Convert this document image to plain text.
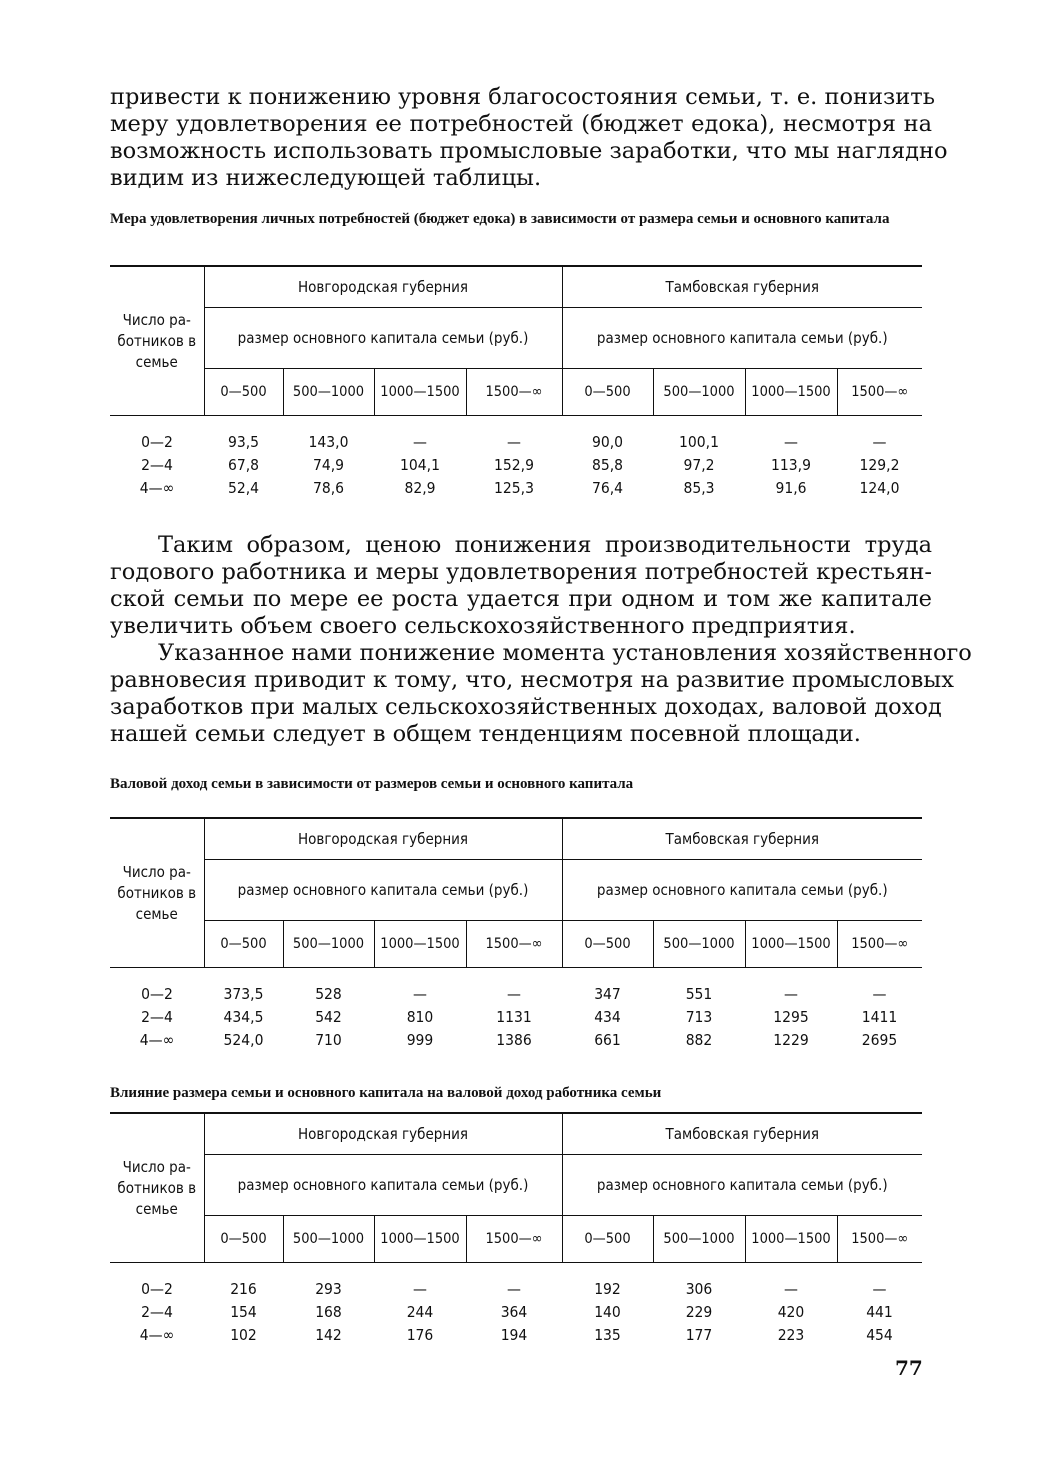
привести к понижению уровня благосостояния семьи, т. е. понизить
меру удовлетворения ее потребностей (бюджет едока), несмотря на
возможность использовать промысловые заработки, что мы наглядно
видим из нижеследующей таблицы.

Мера удовлетворения личных потребностей (бюджет едока) в зависимости от размера семьи и основного капитала

Число ра- ботников в семье	Новгородская губерния				Тамбовская губерния			
	размер основного капитала семьи (руб.)				размер основного капитала семьи (руб.)			
	0—500	500—1000	1000—1500	1500—∞	0—500	500—1000	1000—1500	1500—∞

0—2	93,5	143,0	—	—	90,0	100,1	—	—
2—4	67,8	74,9	104,1	152,9	85,8	97,2	113,9	129,2
4—∞	52,4	78,6	82,9	125,3	76,4	85,3	91,6	124,0

Таким образом, ценою понижения производительности труда
годового работника и меры удовлетворения потребностей крестьян-
ской семьи по мере ее роста удается при одном и том же капитале
увеличить объем своего сельскохозяйственного предприятия.

Указанное нами понижение момента установления хозяйственного
равновесия приводит к тому, что, несмотря на развитие промысловых
заработков при малых сельскохозяйственных доходах, валовой доход
нашей семьи следует в общем тенденциям посевной площади.

Валовой доход семьи в зависимости от размеров семьи и основного капитала

Число ра- ботников в семье	Новгородская губерния				Тамбовская губерния			
	размер основного капитала семьи (руб.)				размер основного капитала семьи (руб.)			
	0—500	500—1000	1000—1500	1500—∞	0—500	500—1000	1000—1500	1500—∞

0—2	373,5	528	—	—	347	551	—	—
2—4	434,5	542	810	1131	434	713	1295	1411
4—∞	524,0	710	999	1386	661	882	1229	2695

Влияние размера семьи и основного капитала на валовой доход работника семьи

Число ра- ботников в семье	Новгородская губерния				Тамбовская губерния			
	размер основного капитала семьи (руб.)				размер основного капитала семьи (руб.)			
	0—500	500—1000	1000—1500	1500—∞	0—500	500—1000	1000—1500	1500—∞

0—2	216	293	—	—	192	306	—	—
2—4	154	168	244	364	140	229	420	441
4—∞	102	142	176	194	135	177	223	454
77
